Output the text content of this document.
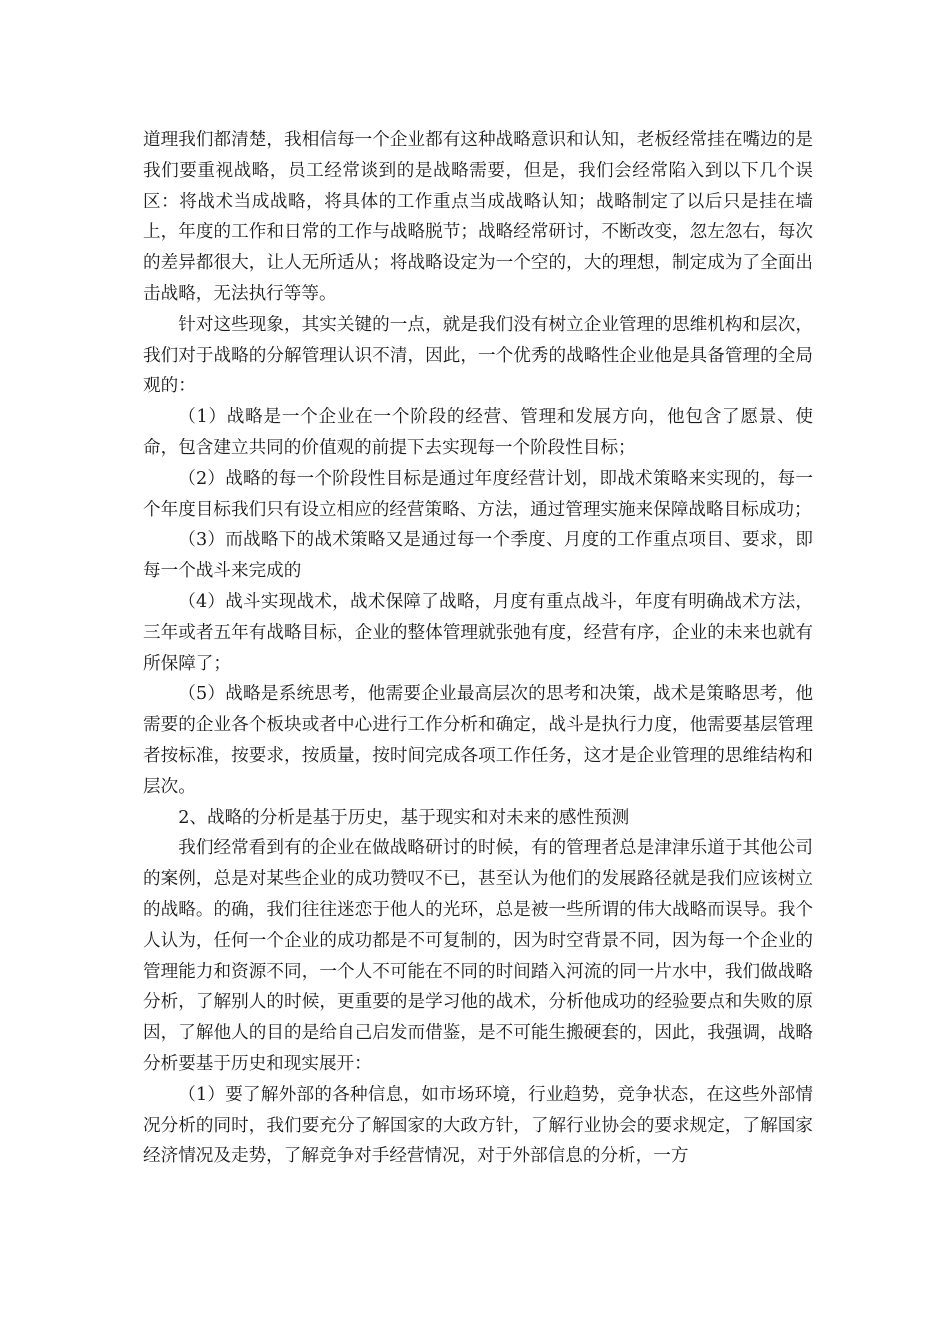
道理我们都清楚，我相信每一个企业都有这种战略意识和认知，老板经常挂在嘴边的是我们要重视战略，员工经常谈到的是战略需要，但是，我们会经常陷入到以下几个误区：将战术当成战略，将具体的工作重点当成战略认知；战略制定了以后只是挂在墙上，年度的工作和日常的工作与战略脱节；战略经常研讨，不断改变，忽左忽右，每次的差异都很大，让人无所适从；将战略设定为一个空的，大的理想，制定成为了全面出击战略，无法执行等等。

针对这些现象，其实关键的一点，就是我们没有树立企业管理的思维机构和层次，我们对于战略的分解管理认识不清，因此，一个优秀的战略性企业他是具备管理的全局观的：

（1）战略是一个企业在一个阶段的经营、管理和发展方向，他包含了愿景、使命，包含建立共同的价值观的前提下去实现每一个阶段性目标；

（2）战略的每一个阶段性目标是通过年度经营计划，即战术策略来实现的，每一个年度目标我们只有设立相应的经营策略、方法，通过管理实施来保障战略目标成功；

（3）而战略下的战术策略又是通过每一个季度、月度的工作重点项目、要求，即每一个战斗来完成的

（4）战斗实现战术，战术保障了战略，月度有重点战斗，年度有明确战术方法，三年或者五年有战略目标，企业的整体管理就张弛有度，经营有序，企业的未来也就有所保障了；

（5）战略是系统思考，他需要企业最高层次的思考和决策，战术是策略思考，他需要的企业各个板块或者中心进行工作分析和确定，战斗是执行力度，他需要基层管理者按标准，按要求，按质量，按时间完成各项工作任务，这才是企业管理的思维结构和层次。

2、战略的分析是基于历史，基于现实和对未来的感性预测

我们经常看到有的企业在做战略研讨的时候，有的管理者总是津津乐道于其他公司的案例，总是对某些企业的成功赞叹不已，甚至认为他们的发展路径就是我们应该树立的战略。的确，我们往往迷恋于他人的光环，总是被一些所谓的伟大战略而误导。我个人认为，任何一个企业的成功都是不可复制的，因为时空背景不同，因为每一个企业的管理能力和资源不同，一个人不可能在不同的时间踏入河流的同一片水中，我们做战略分析，了解别人的时候，更重要的是学习他的战术，分析他成功的经验要点和失败的原因，了解他人的目的是给自己启发而借鉴，是不可能生搬硬套的，因此，我强调，战略分析要基于历史和现实展开：

（1）要了解外部的各种信息，如市场环境，行业趋势，竞争状态，在这些外部情况分析的同时，我们要充分了解国家的大政方针，了解行业协会的要求规定，了解国家经济情况及走势，了解竞争对手经营情况，对于外部信息的分析，一方
